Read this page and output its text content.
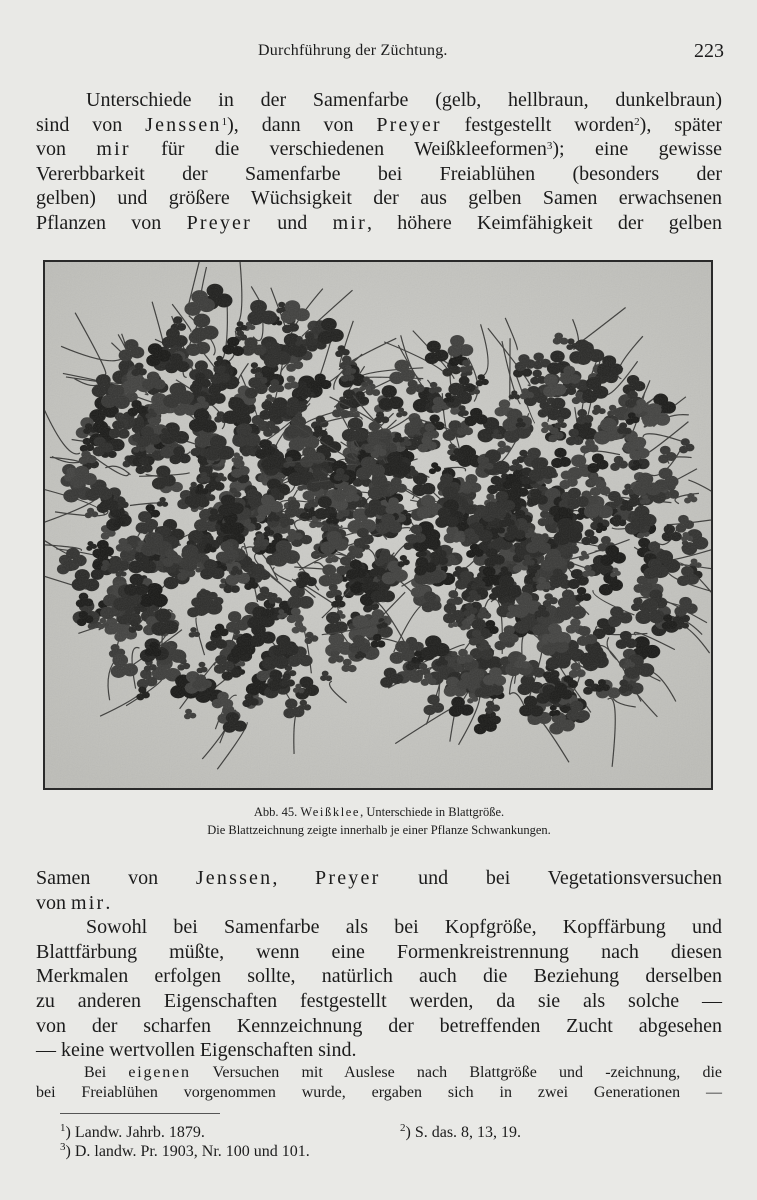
Durchführung der Züchtung.	223
Unterschiede in der Samenfarbe (gelb, hellbraun, dunkelbraun)
sind von Jenssen$^1$), dann von Preyer festgestellt worden$^2$), später
von mir für die verschiedenen Weißkleeformen$^3$); eine gewisse
Vererbbarkeit der Samenfarbe bei Freiablühen (besonders der
gelben) und größere Wüchsigkeit der aus gelben Samen erwachsenen
Pflanzen von Preyer und mir, höhere Keimfähigkeit der gelben
Abb. 45. Weißklee, Unterschiede in Blattgröße.
Die Blattzeichnung zeigte innerhalb je einer Pflanze Schwankungen.
Samen von Jenssen, Preyer und bei Vegetationsversuchen
von mir.
Sowohl bei Samenfarbe als bei Kopfgröße, Kopffärbung und
Blattfärbung müßte, wenn eine Formenkreistrennung nach diesen
Merkmalen erfolgen sollte, natürlich auch die Beziehung derselben
zu anderen Eigenschaften festgestellt werden, da sie als solche —
von der scharfen Kennzeichnung der betreffenden Zucht abgesehen
— keine wertvollen Eigenschaften sind.
Bei eigenen Versuchen mit Auslese nach Blattgröße und -zeichnung, die
bei Freiablühen vorgenommen wurde, ergaben sich in zwei Generationen —
$^1$) Landw. Jahrb. 1879.	$^2$) S. das. 8, 13, 19.
$^3$) D. landw. Pr. 1903, Nr. 100 und 101.
